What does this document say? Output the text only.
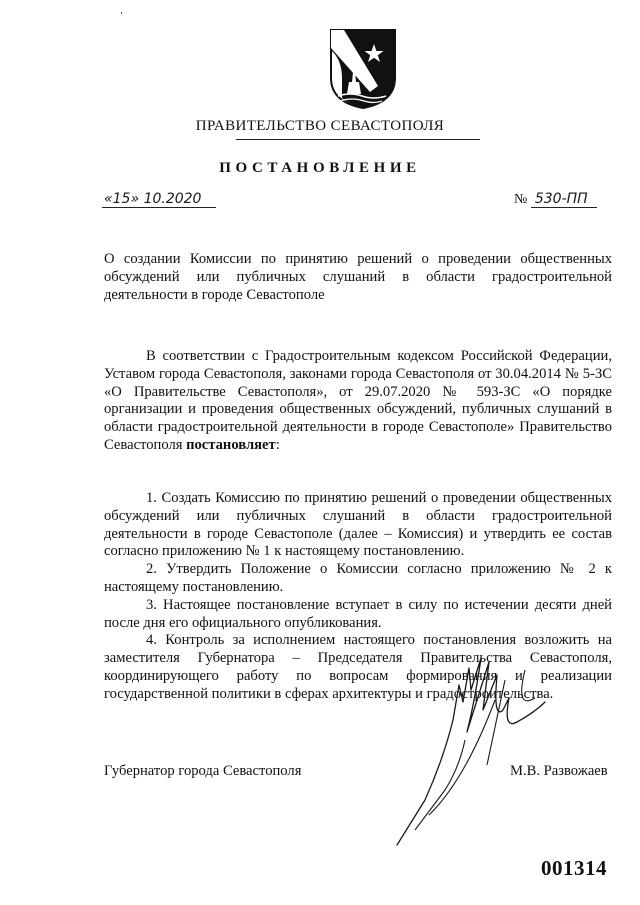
ПРАВИТЕЛЬСТВО СЕВАСТОПОЛЯ
ПОСТАНОВЛЕНИЕ
«15» 10.2020	№ 530-ПП
О создании Комиссии по принятию решений о проведении общественных обсуждений или публичных слушаний в области градостроительной деятельности в городе Севастополе
В соответствии с Градостроительным кодексом Российской Федерации, Уставом города Севастополя, законами города Севастополя от 30.04.2014 № 5-ЗС «О Правительстве Севастополя», от 29.07.2020 № 593-ЗС «О порядке организации и проведения общественных обсуждений, публичных слушаний в области градостроительной деятельности в городе Севастополе» Правительство Севастополя постановляет:

1. Создать Комиссию по принятию решений о проведении общественных обсуждений или публичных слушаний в области градостроительной деятельности в городе Севастополе (далее – Комиссия) и утвердить ее состав согласно приложению № 1 к настоящему постановлению.

2. Утвердить Положение о Комиссии согласно приложению № 2 к настоящему постановлению.

3. Настоящее постановление вступает в силу по истечении десяти дней после дня его официального опубликования.

4. Контроль за исполнением настоящего постановления возложить на заместителя Губернатора – Председателя Правительства Севастополя, координирующего работу по вопросам формирования и реализации государственной политики в сферах архитектуры и градостроительства.

Губернатор города Севастополя	М.В. Развожаев
001314
